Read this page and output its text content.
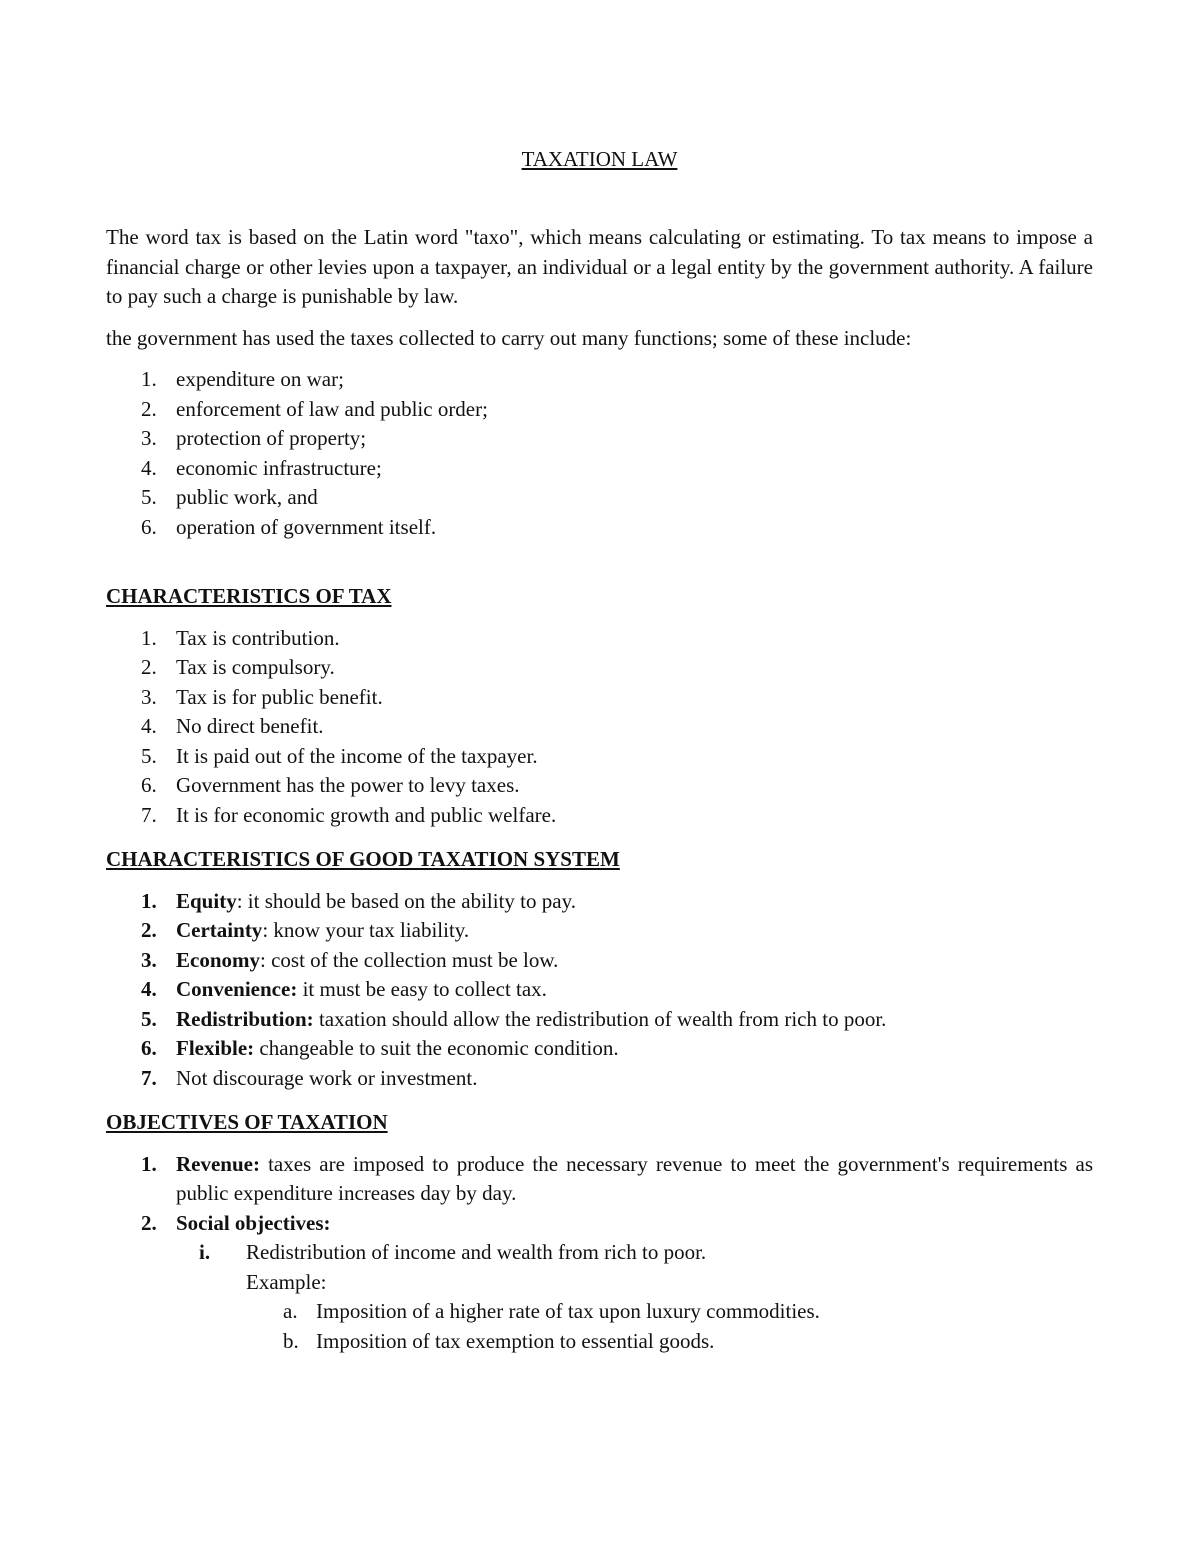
TAXATION LAW

The word tax is based on the Latin word "taxo", which means calculating or estimating. To tax means to impose a financial charge or other levies upon a taxpayer, an individual or a legal entity by the government authority. A failure to pay such a charge is punishable by law.

the government has used the taxes collected to carry out many functions; some of these include:

1. expenditure on war;
2. enforcement of law and public order;
3. protection of property;
4. economic infrastructure;
5. public work, and
6. operation of government itself.
CHARACTERISTICS OF TAX
1. Tax is contribution.
2. Tax is compulsory.
3. Tax is for public benefit.
4. No direct benefit.
5. It is paid out of the income of the taxpayer.
6. Government has the power to levy taxes.
7. It is for economic growth and public welfare.
CHARACTERISTICS OF GOOD TAXATION SYSTEM
1. Equity: it should be based on the ability to pay.
2. Certainty: know your tax liability.
3. Economy: cost of the collection must be low.
4. Convenience: it must be easy to collect tax.
5. Redistribution: taxation should allow the redistribution of wealth from rich to poor.
6. Flexible: changeable to suit the economic condition.
7. Not discourage work or investment.
OBJECTIVES OF TAXATION
1. Revenue: taxes are imposed to produce the necessary revenue to meet the government's requirements as public expenditure increases day by day.
2. Social objectives:
i. Redistribution of income and wealth from rich to poor.
Example:
a. Imposition of a higher rate of tax upon luxury commodities.
b. Imposition of tax exemption to essential goods.
